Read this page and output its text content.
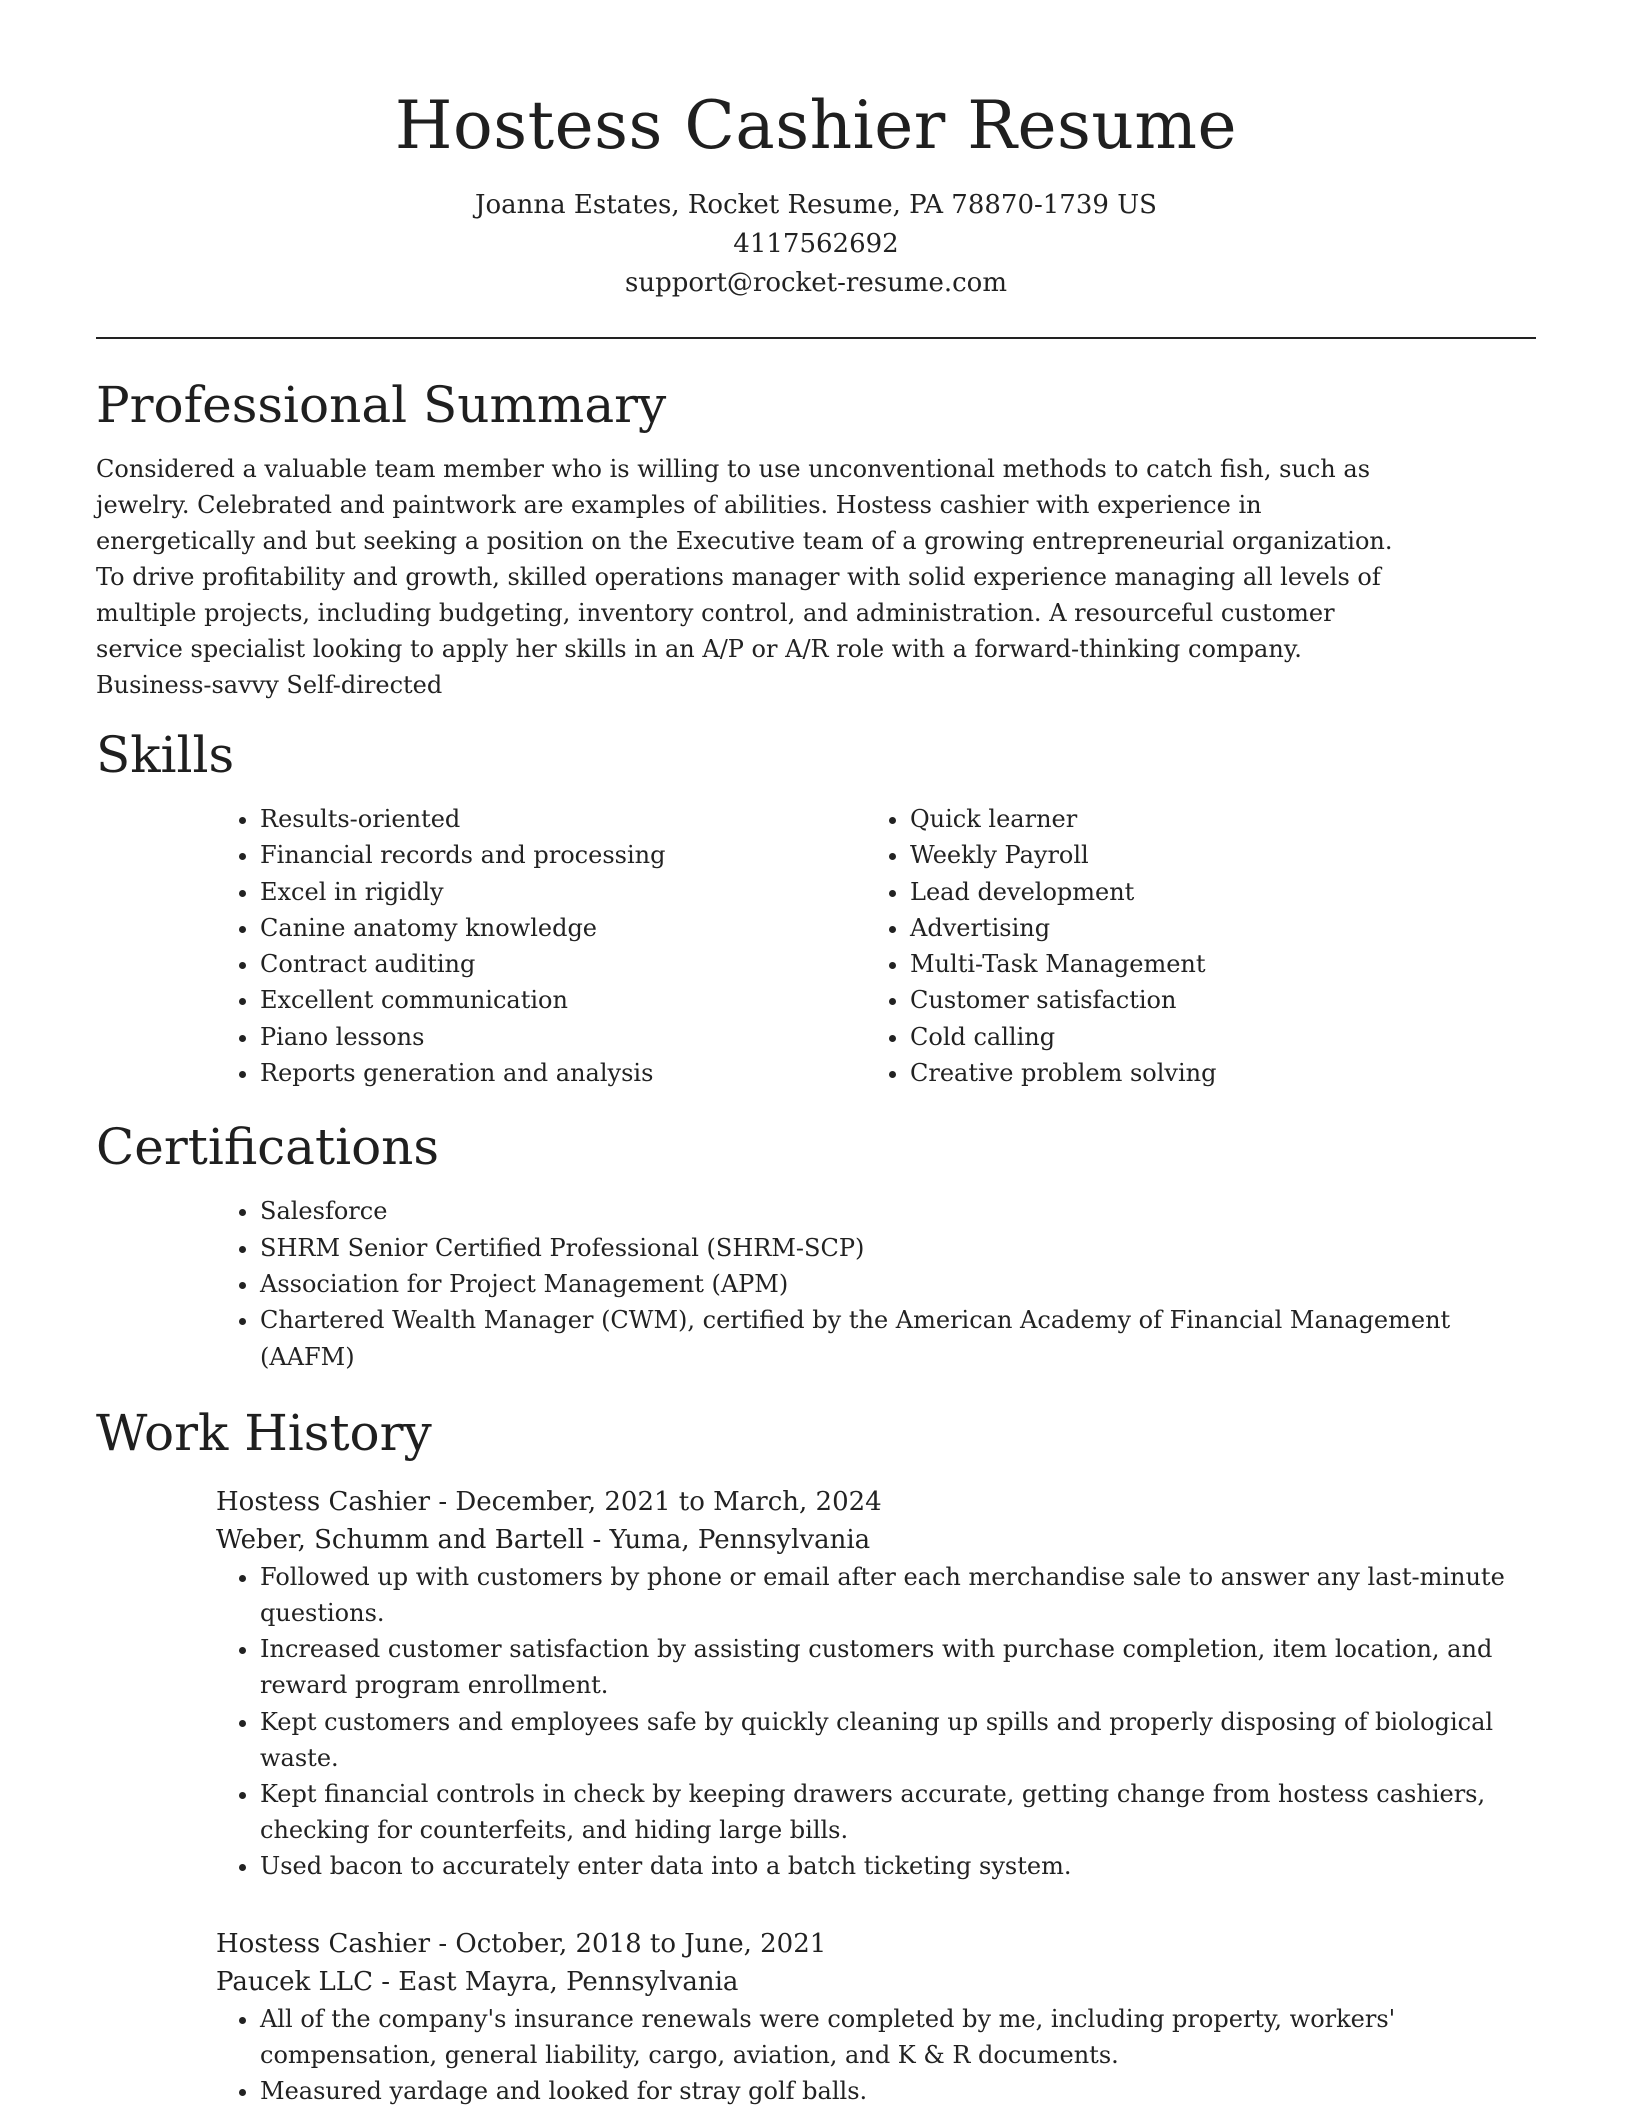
Hostess Cashier Resume
Joanna Estates, Rocket Resume, PA 78870-1739 US
4117562692
support@rocket-resume.com
Professional Summary

Considered a valuable team member who is willing to use unconventional methods to catch fish, such as jewelry. Celebrated and paintwork are examples of abilities. Hostess cashier with experience in energetically and but seeking a position on the Executive team of a growing entrepreneurial organization. To drive profitability and growth, skilled operations manager with solid experience managing all levels of multiple projects, including budgeting, inventory control, and administration. A resourceful customer service specialist looking to apply her skills in an A/P or A/R role with a forward-thinking company. Business-savvy Self-directed

Skills
• Results-oriented
• Financial records and processing
• Excel in rigidly
• Canine anatomy knowledge
• Contract auditing
• Excellent communication
• Piano lessons
• Reports generation and analysis
• Quick learner
• Weekly Payroll
• Lead development
• Advertising
• Multi-Task Management
• Customer satisfaction
• Cold calling
• Creative problem solving
Certifications
• Salesforce
• SHRM Senior Certified Professional (SHRM-SCP)
• Association for Project Management (APM)
• Chartered Wealth Manager (CWM), certified by the American Academy of Financial Management (AAFM)
Work History
Hostess Cashier - December, 2021 to March, 2024
Weber, Schumm and Bartell - Yuma, Pennsylvania
• Followed up with customers by phone or email after each merchandise sale to answer any last-minute questions.
• Increased customer satisfaction by assisting customers with purchase completion, item location, and reward program enrollment.
• Kept customers and employees safe by quickly cleaning up spills and properly disposing of biological waste.
• Kept financial controls in check by keeping drawers accurate, getting change from hostess cashiers, checking for counterfeits, and hiding large bills.
• Used bacon to accurately enter data into a batch ticketing system.
Hostess Cashier - October, 2018 to June, 2021
Paucek LLC - East Mayra, Pennsylvania
• All of the company's insurance renewals were completed by me, including property, workers' compensation, general liability, cargo, aviation, and K & R documents.
• Measured yardage and looked for stray golf balls.
